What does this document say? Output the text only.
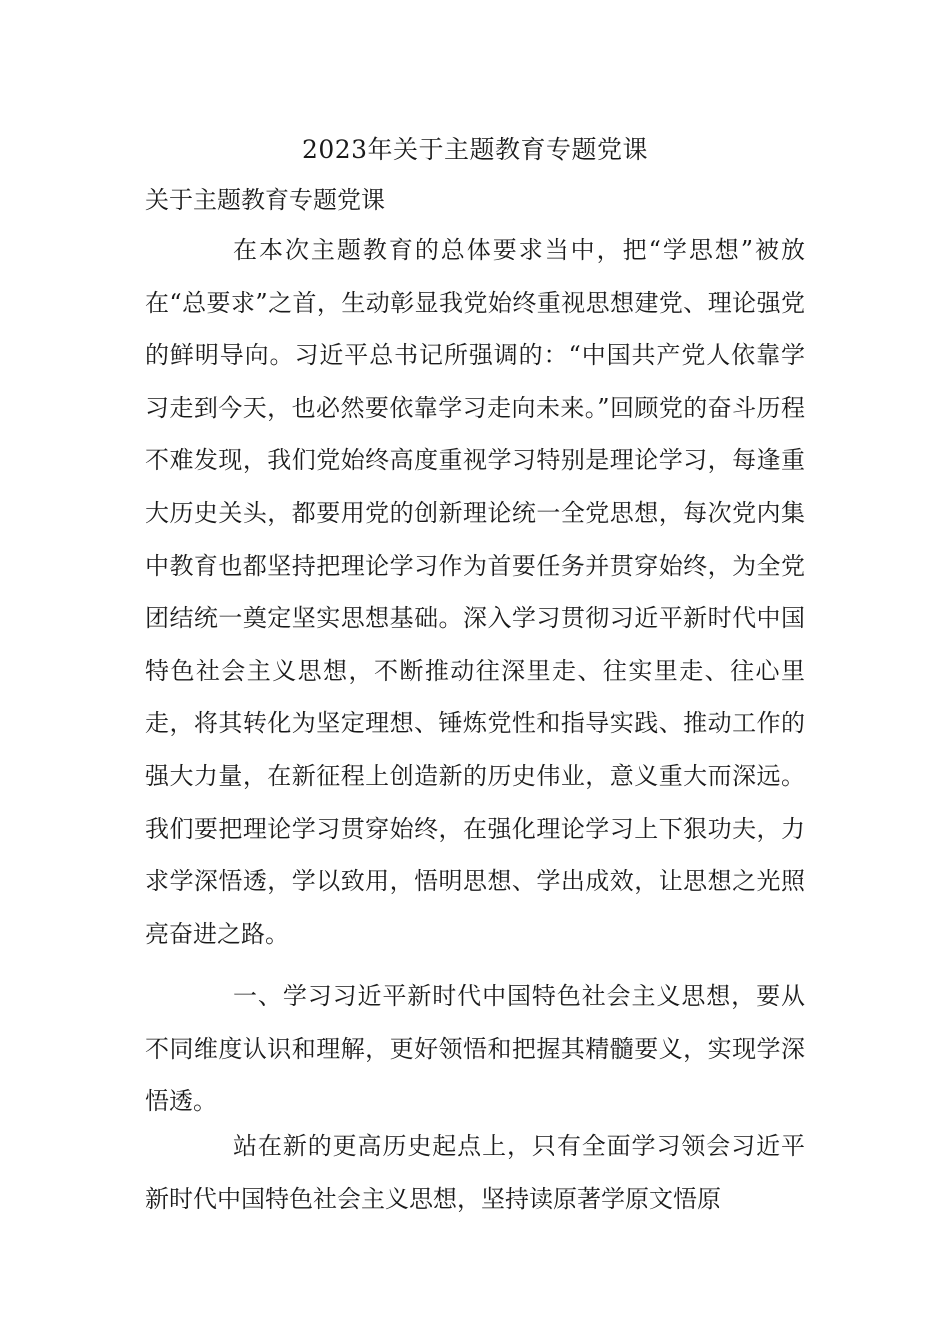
2023年关于主题教育专题党课
关于主题教育专题党课

在本次主题教育的总体要求当中，把“学思想”被放在“总要求”之首，生动彰显我党始终重视思想建党、理论强党的鲜明导向。习近平总书记所强调的：“中国共产党人依靠学习走到今天，也必然要依靠学习走向未来。”回顾党的奋斗历程不难发现，我们党始终高度重视学习特别是理论学习，每逢重大历史关头，都要用党的创新理论统一全党思想，每次党内集中教育也都坚持把理论学习作为首要任务并贯穿始终，为全党团结统一奠定坚实思想基础。深入学习贯彻习近平新时代中国特色社会主义思想，不断推动往深里走、往实里走、往心里走，将其转化为坚定理想、锤炼党性和指导实践、推动工作的强大力量，在新征程上创造新的历史伟业，意义重大而深远。我们要把理论学习贯穿始终，在强化理论学习上下狠功夫，力求学深悟透，学以致用，悟明思想、学出成效，让思想之光照亮奋进之路。

一、学习习近平新时代中国特色社会主义思想，要从不同维度认识和理解，更好领悟和把握其精髓要义，实现学深悟透。

站在新的更高历史起点上，只有全面学习领会习近平新时代中国特色社会主义思想，坚持读原著学原文悟原
